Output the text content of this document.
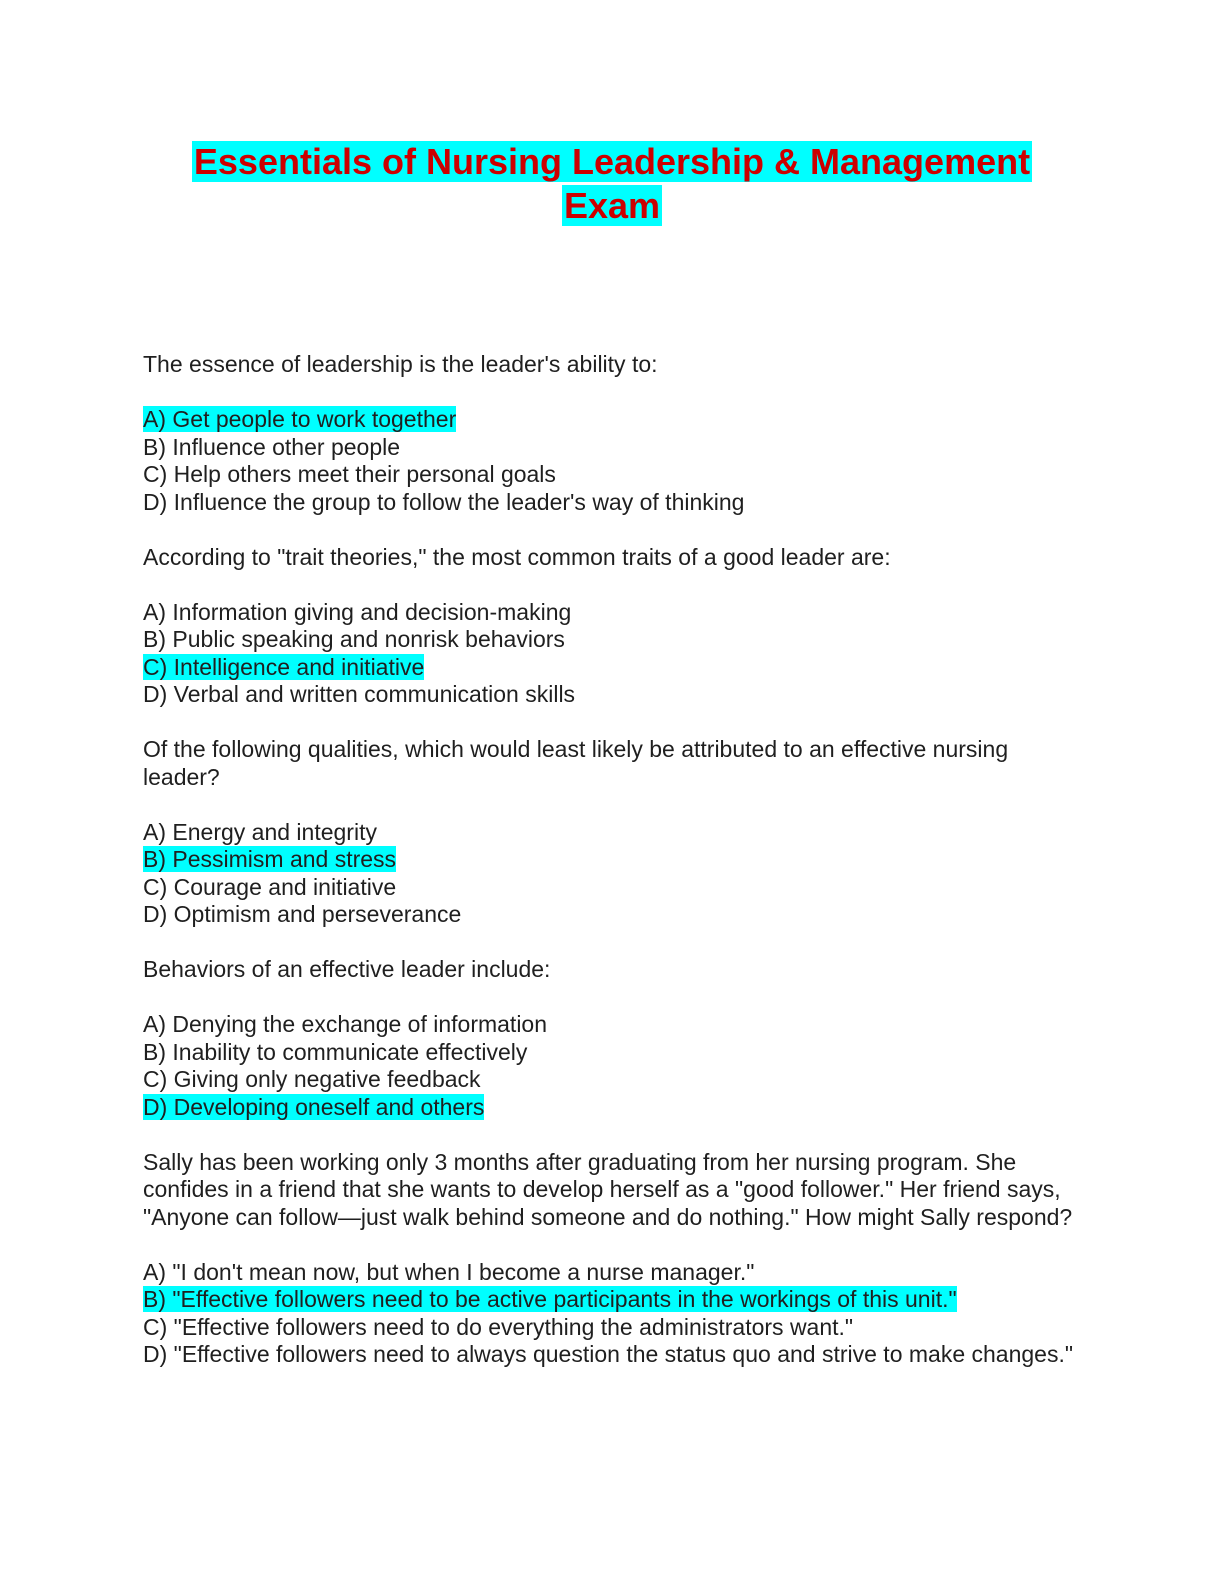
Essentials of Nursing Leadership & Management
Exam
The essence of leadership is the leader's ability to:
A) Get people to work together
B) Influence other people
C) Help others meet their personal goals
D) Influence the group to follow the leader's way of thinking
According to "trait theories," the most common traits of a good leader are:
A) Information giving and decision-making
B) Public speaking and nonrisk behaviors
C) Intelligence and initiative
D) Verbal and written communication skills
Of the following qualities, which would least likely be attributed to an effective nursing leader?
A) Energy and integrity
B) Pessimism and stress
C) Courage and initiative
D) Optimism and perseverance
Behaviors of an effective leader include:
A) Denying the exchange of information
B) Inability to communicate effectively
C) Giving only negative feedback
D) Developing oneself and others
Sally has been working only 3 months after graduating from her nursing program. She confides in a friend that she wants to develop herself as a "good follower." Her friend says, "Anyone can follow—just walk behind someone and do nothing." How might Sally respond?
A) "I don't mean now, but when I become a nurse manager."
B) "Effective followers need to be active participants in the workings of this unit."
C) "Effective followers need to do everything the administrators want."
D) "Effective followers need to always question the status quo and strive to make changes."
